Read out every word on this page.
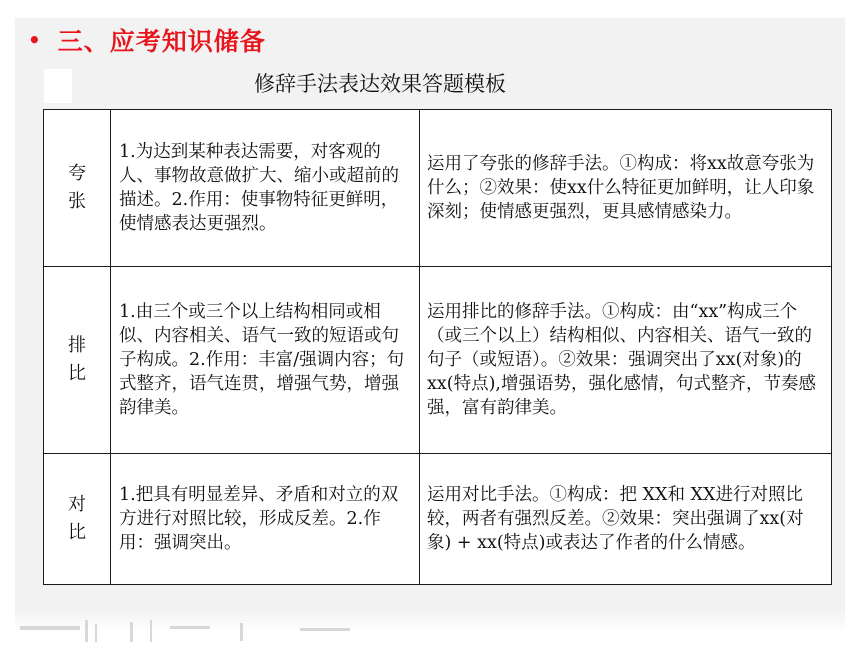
• 三、应考知识储备
修辞手法表达效果答题模板
夸张	1.为达到某种表达需要，对客观的人、事物故意做扩大、缩小或超前的描述。2.作用：使事物特征更鲜明，使情感表达更强烈。	运用了夸张的修辞手法。①构成：将xx故意夸张为什么；②效果：使xx什么特征更加鲜明，让人印象深刻；使情感更强烈，更具感情感染力。
排比	1.由三个或三个以上结构相同或相似、内容相关、语气一致的短语或句子构成。2.作用：丰富/强调内容；句式整齐，语气连贯，增强气势，增强韵律美。	运用排比的修辞手法。①构成：由“xx”构成三个（或三个以上）结构相似、内容相关、语气一致的句子（或短语）。②效果：强调突出了xx(对象)的xx(特点),增强语势，强化感情，句式整齐，节奏感强，富有韵律美。
对比	1.把具有明显差异、矛盾和对立的双方进行对照比较，形成反差。2.作用：强调突出。	运用对比手法。①构成：把 XX和 XX进行对照比较，两者有强烈反差。②效果：突出强调了xx(对象) + xx(特点)或表达了作者的什么情感。
